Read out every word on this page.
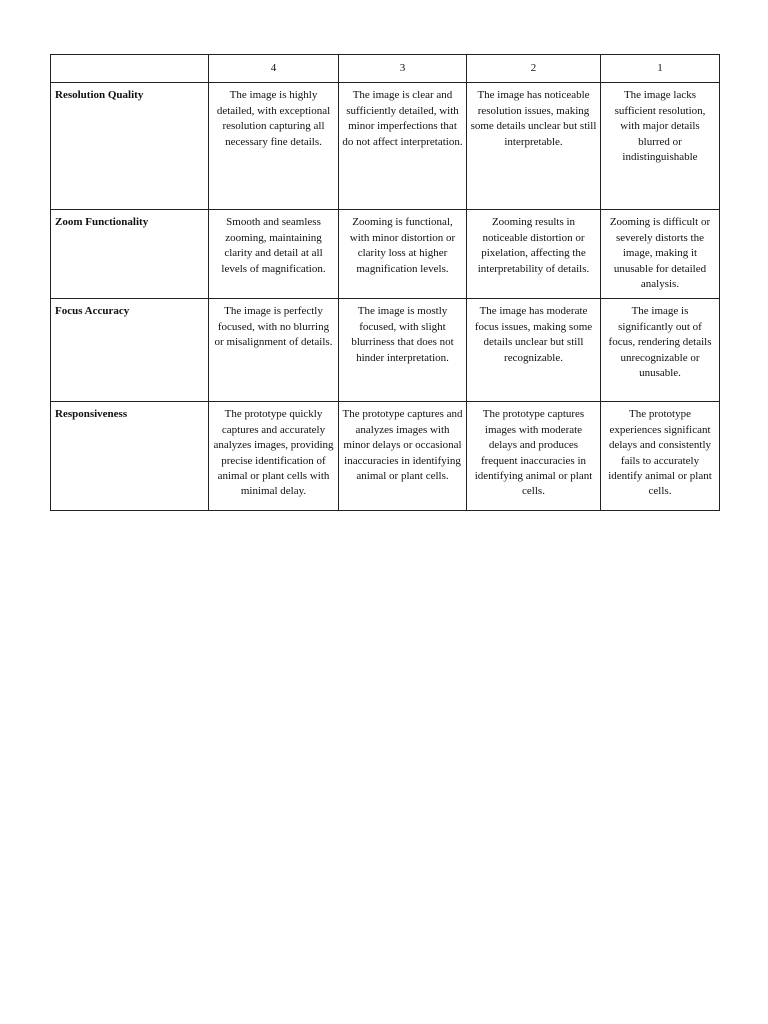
	4	3	2	1
Resolution Quality	The image is highly detailed, with exceptional resolution capturing all necessary fine details.	The image is clear and sufficiently detailed, with minor imperfections that do not affect interpretation.	The image has noticeable resolution issues, making some details unclear but still interpretable.	The image lacks sufficient resolution, with major details blurred or indistinguishable
Zoom Functionality	Smooth and seamless zooming, maintaining clarity and detail at all levels of magnification.	Zooming is functional, with minor distortion or clarity loss at higher magnification levels.	Zooming results in noticeable distortion or pixelation, affecting the interpretability of details.	Zooming is difficult or severely distorts the image, making it unusable for detailed analysis.
Focus Accuracy	The image is perfectly focused, with no blurring or misalignment of details.	The image is mostly focused, with slight blurriness that does not hinder interpretation.	The image has moderate focus issues, making some details unclear but still recognizable.	The image is significantly out of focus, rendering details unrecognizable or unusable.
Responsiveness	The prototype quickly captures and accurately analyzes images, providing precise identification of animal or plant cells with minimal delay.	The prototype captures and analyzes images with minor delays or occasional inaccuracies in identifying animal or plant cells.	The prototype captures images with moderate delays and produces frequent inaccuracies in identifying animal or plant cells.	The prototype experiences significant delays and consistently fails to accurately identify animal or plant cells.
